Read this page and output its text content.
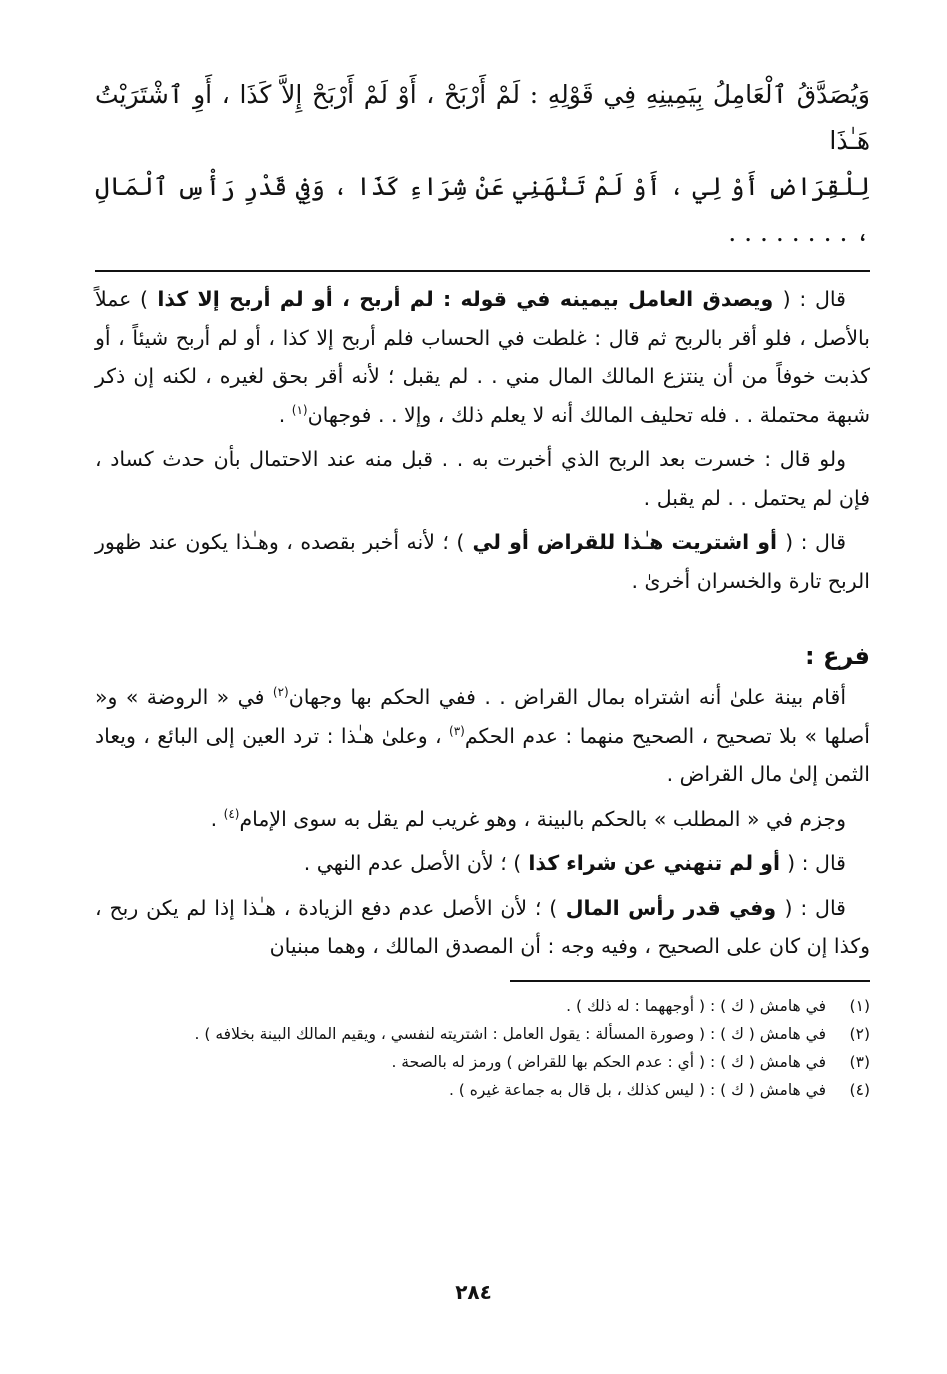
وَيُصَدَّقُ ٱلْعَامِلُ بِيَمِينِهِ فِي قَوْلِهِ : لَمْ أَرْبَحْ ، أَوْ لَمْ أَرْبَحْ إِلاَّ كَذَا ، أَوِ ٱشْتَرَيْتُ هَـٰذَا
لِلْقِرَاضِ أَوْ لِي ، أَوْ لَمْ تَنْهَنِي عَنْ شِرَاءِ كَذَا ، وَفِي قَدْرِ رَأْسِ ٱلْمَالِ ، . . . . . . . .

قال : ( ويصدق العامل بيمينه في قوله : لم أربح ، أو لم أربح إلا كذا ) عملاً بالأصل ، فلو أقر بالربح ثم قال : غلطت في الحساب فلم أربح إلا كذا ، أو لم أربح شيئاً ، أو كذبت خوفاً من أن ينتزع المالك المال مني . . لم يقبل ؛ لأنه أقر بحق لغيره ، لكنه إن ذكر شبهة محتملة . . فله تحليف المالك أنه لا يعلم ذلك ، وإلا . . فوجهان$^{(١)}$ .

ولو قال : خسرت بعد الربح الذي أخبرت به . . قبل منه عند الاحتمال بأن حدث كساد ، فإن لم يحتمل . . لم يقبل .

قال : ( أو اشتريت هـٰذا للقراض أو لي ) ؛ لأنه أخبر بقصده ، وهـٰذا يكون عند ظهور الربح تارة والخسران أخرىٰ .

فرع :

أقام بينة علىٰ أنه اشتراه بمال القراض . . ففي الحكم بها وجهان$^{(٢)}$ في « الروضة » و« أصلها » بلا تصحيح ، الصحيح منهما : عدم الحكم$^{(٣)}$ ، وعلىٰ هـٰذا : ترد العين إلى البائع ، ويعاد الثمن إلىٰ مال القراض .

وجزم في « المطلب » بالحكم بالبينة ، وهو غريب لم يقل به سوى الإمام$^{(٤)}$ .

قال : ( أو لم تنهني عن شراء كذا ) ؛ لأن الأصل عدم النهي .

قال : ( وفي قدر رأس المال ) ؛ لأن الأصل عدم دفع الزيادة ، هـٰذا إذا لم يكن ربح ، وكذا إن كان على الصحيح ، وفيه وجه : أن المصدق المالك ، وهما مبنيان

(١)
في هامش ( ك ) : ( أوجههما : له ذلك ) .
(٢)
في هامش ( ك ) : ( وصورة المسألة : يقول العامل : اشتريته لنفسي ، ويقيم المالك البينة بخلافه ) .
(٣)
في هامش ( ك ) : ( أي : عدم الحكم بها للقراض ) ورمز له بالصحة .
(٤)
في هامش ( ك ) : ( ليس كذلك ، بل قال به جماعة غيره ) .
٢٨٤
